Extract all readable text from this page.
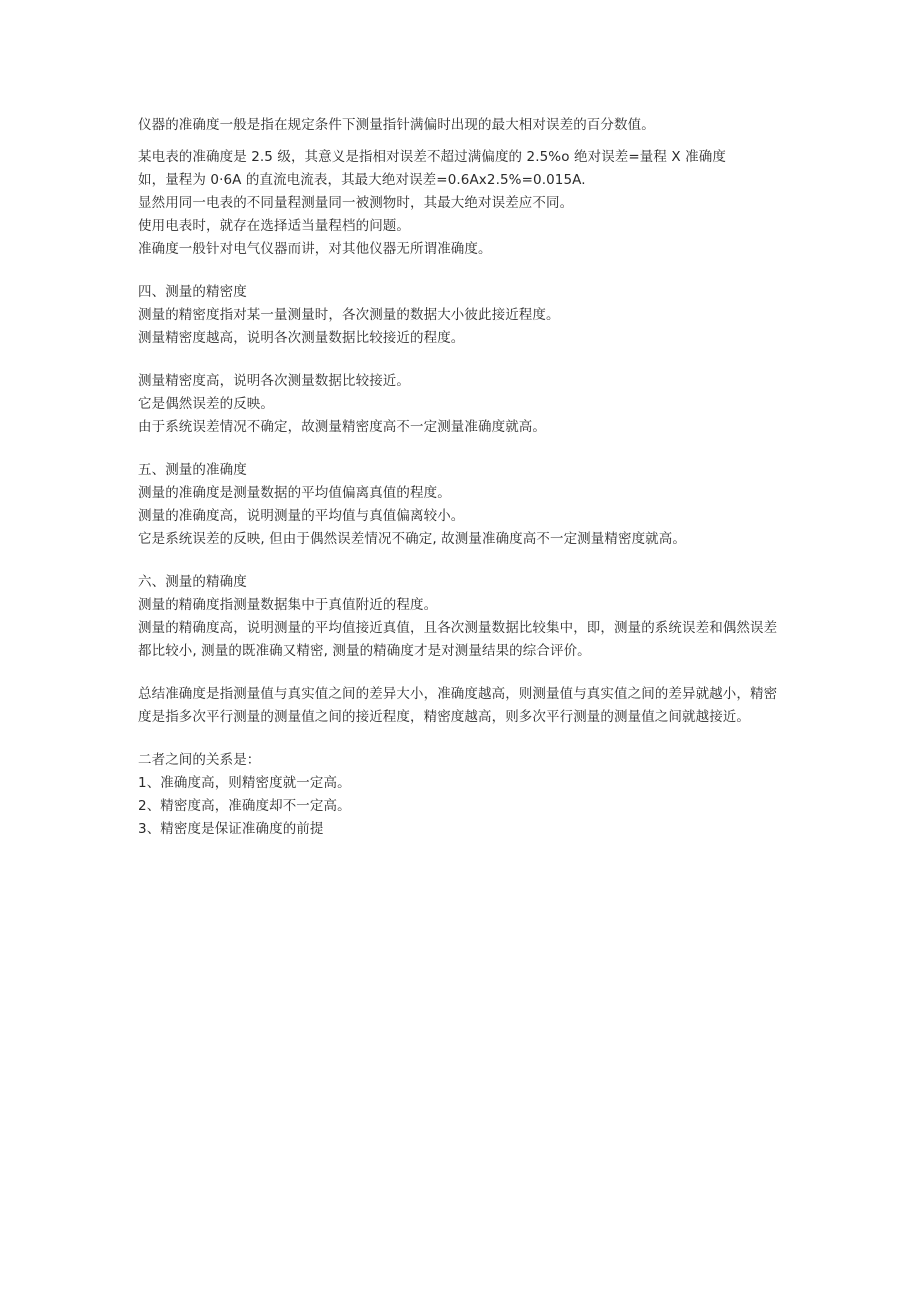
仪器的准确度一般是指在规定条件下测量指针满偏时出现的最大相对误差的百分数值。
某电表的准确度是 2.5 级，其意义是指相对误差不超过满偏度的 2.5%o 绝对误差=量程 X 准确度
如，量程为 0·6A 的直流电流表，其最大绝对误差=0.6Ax2.5%=0.015A.
显然用同一电表的不同量程测量同一被测物时，其最大绝对误差应不同。
使用电表时，就存在选择适当量程档的问题。
准确度一般针对电气仪器而讲，对其他仪器无所谓准确度。
四、测量的精密度
测量的精密度指对某一量测量时，各次测量的数据大小彼此接近程度。
测量精密度越高，说明各次测量数据比较接近的程度。
测量精密度高，说明各次测量数据比较接近。
它是偶然误差的反映。
由于系统误差情况不确定，故测量精密度高不一定测量准确度就高。
五、测量的准确度
测量的准确度是测量数据的平均值偏离真值的程度。
测量的准确度高，说明测量的平均值与真值偏离较小。
它是系统误差的反映, 但由于偶然误差情况不确定, 故测量准确度高不一定测量精密度就高。
六、测量的精确度
测量的精确度指测量数据集中于真值附近的程度。
测量的精确度高，说明测量的平均值接近真值，且各次测量数据比较集中，即，测量的系统误差和偶然误差都比较小, 测量的既准确又精密, 测量的精确度才是对测量结果的综合评价。
总结准确度是指测量值与真实值之间的差异大小，准确度越高，则测量值与真实值之间的差异就越小，精密度是指多次平行测量的测量值之间的接近程度，精密度越高，则多次平行测量的测量值之间就越接近。
二者之间的关系是：
1、准确度高，则精密度就一定高。
2、精密度高，准确度却不一定高。
3、精密度是保证准确度的前提
